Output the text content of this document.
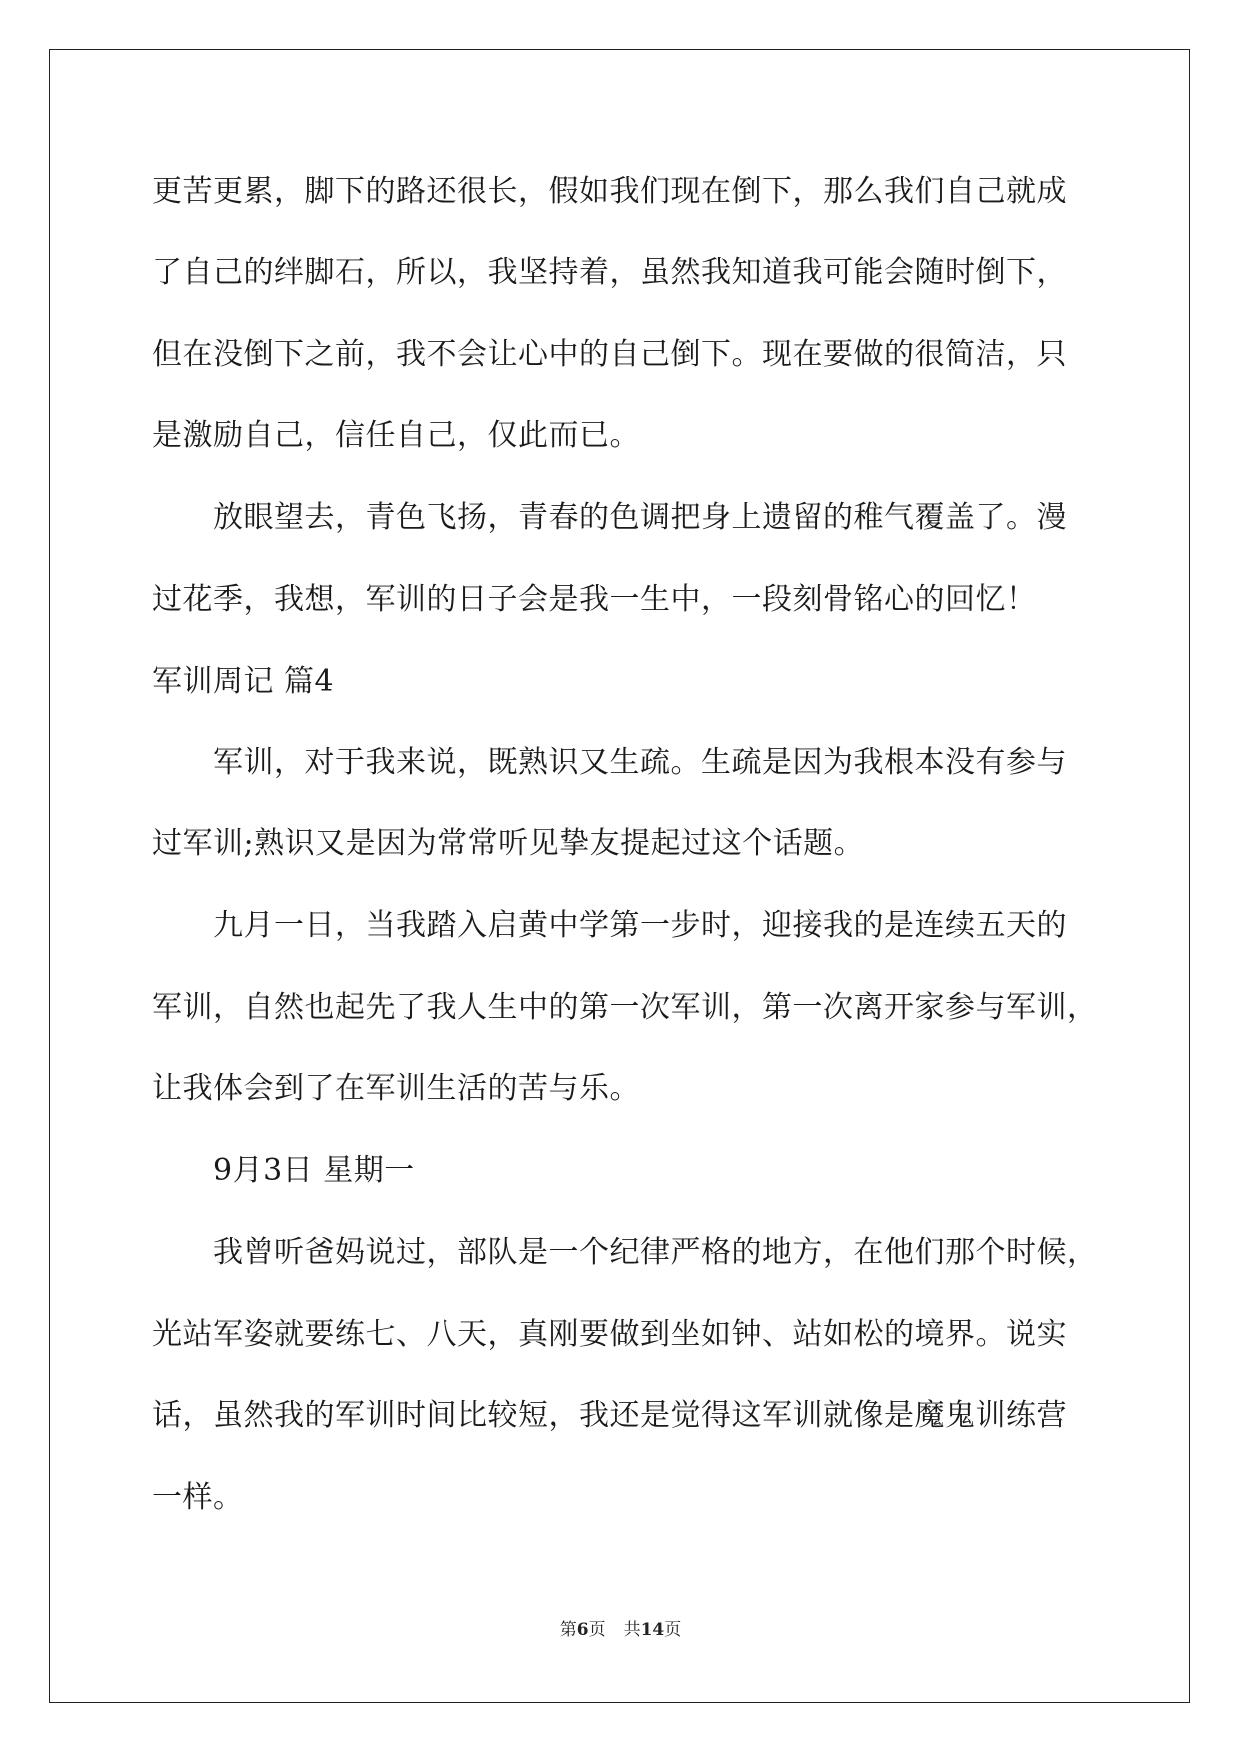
更苦更累，脚下的路还很长，假如我们现在倒下，那么我们自己就成
了自己的绊脚石，所以，我坚持着，虽然我知道我可能会随时倒下，
但在没倒下之前，我不会让心中的自己倒下。现在要做的很简洁，只
是激励自己，信任自己，仅此而已。
　　放眼望去，青色飞扬，青春的色调把身上遗留的稚气覆盖了。漫
过花季，我想，军训的日子会是我一生中，一段刻骨铭心的回忆！
军训周记 篇4
　　军训，对于我来说，既熟识又生疏。生疏是因为我根本没有参与
过军训;熟识又是因为常常听见挚友提起过这个话题。
　　九月一日，当我踏入启黄中学第一步时，迎接我的是连续五天的
军训，自然也起先了我人生中的第一次军训，第一次离开家参与军训，
让我体会到了在军训生活的苦与乐。
　　9月3日 星期一
　　我曾听爸妈说过，部队是一个纪律严格的地方，在他们那个时候，
光站军姿就要练七、八天，真刚要做到坐如钟、站如松的境界。说实
话，虽然我的军训时间比较短，我还是觉得这军训就像是魔鬼训练营
一样。
第6页 共14页
